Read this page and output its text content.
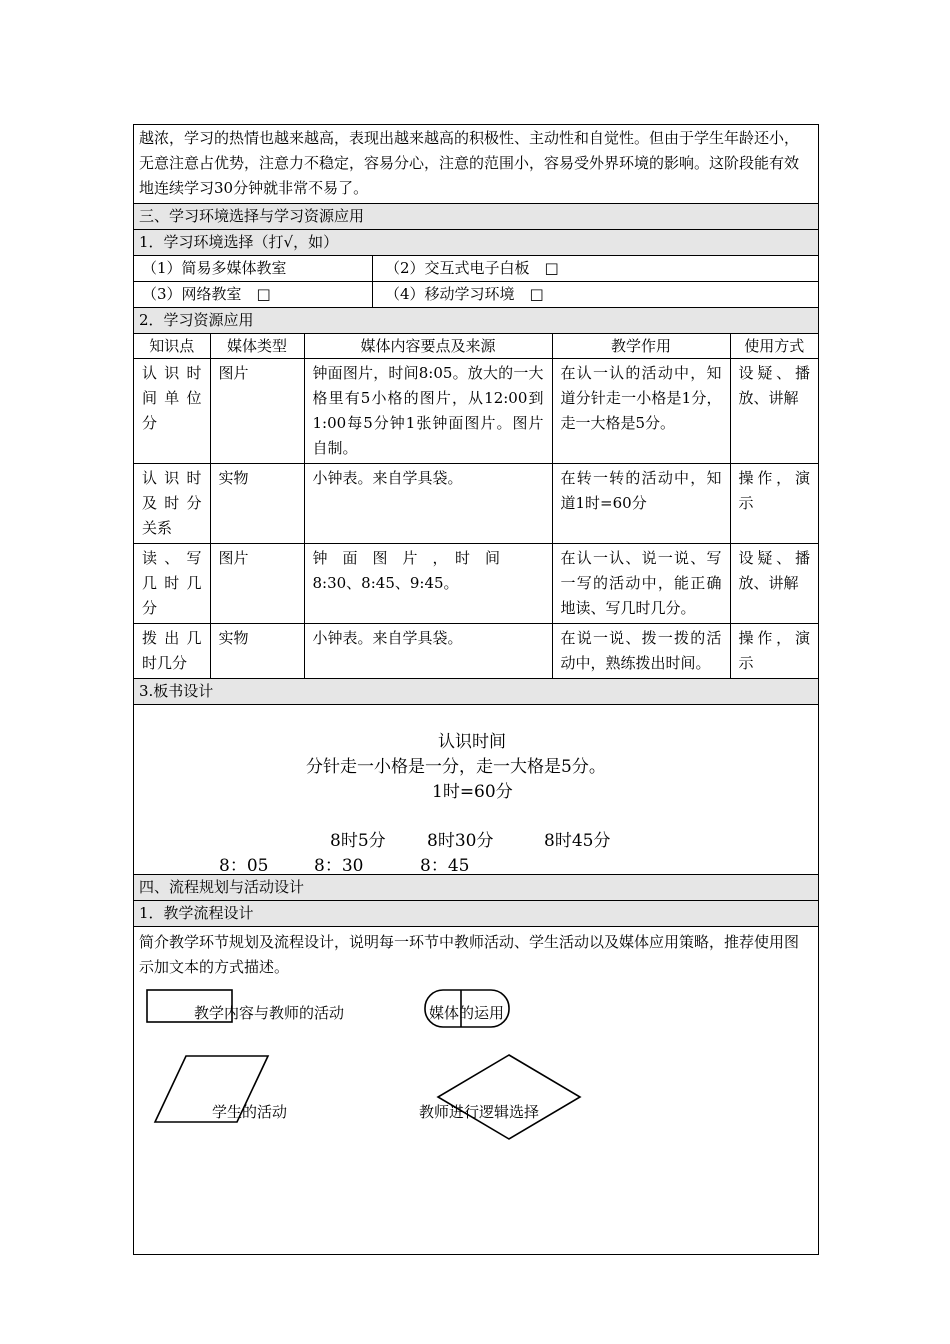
越浓，学习的热情也越来越高，表现出越来越高的积极性、主动性和自觉性。但由于学生年龄还小，无意注意占优势，注意力不稳定，容易分心，注意的范围小，容易受外界环境的影响。这阶段能有效地连续学习30分钟就非常不易了。
三、学习环境选择与学习资源应用
1．学习环境选择（打√，如）
（1）简易多媒体教室	（2）交互式电子白板　□
（3）网络教室　□	（4）移动学习环境　□
2．学习资源应用
知识点	媒体类型	媒体内容要点及来源	教学作用	使用方式
认识时间单位分	图片	钟面图片，时间8:05。放大的一大格里有5小格的图片，从12:00到1:00每5分钟1张钟面图片。图片自制。	在认一认的活动中，知道分针走一小格是1分，走一大格是5分。	设疑、播放、讲解
认识时及时分关系	实物	小钟表。来自学具袋。	在转一转的活动中，知道1时=60分	操作，演示
读、写几时几分	图片	钟　面　图　片　，　时　间8:30、8:45、9:45。	在认一认、说一说、写一写的活动中，能正确地读、写几时几分。	设疑、播放、讲解
拨出几时几分	实物	小钟表。来自学具袋。	在说一说、拨一拨的活动中，熟练拨出时间。	操作，演示
3.板书设计
认识时间
分针走一小格是一分，走一大格是5分。
1时=60分
8时5分 8时30分	8时45分
8：05	8：30	8：45
四、流程规划与活动设计
1．教学流程设计
简介教学环节规划及流程设计，说明每一环节中教师活动、学生活动以及媒体应用策略，推荐使用图示加文本的方式描述。
教学内容与教师的活动	媒体的运用
学生的活动	教师进行逻辑选择
